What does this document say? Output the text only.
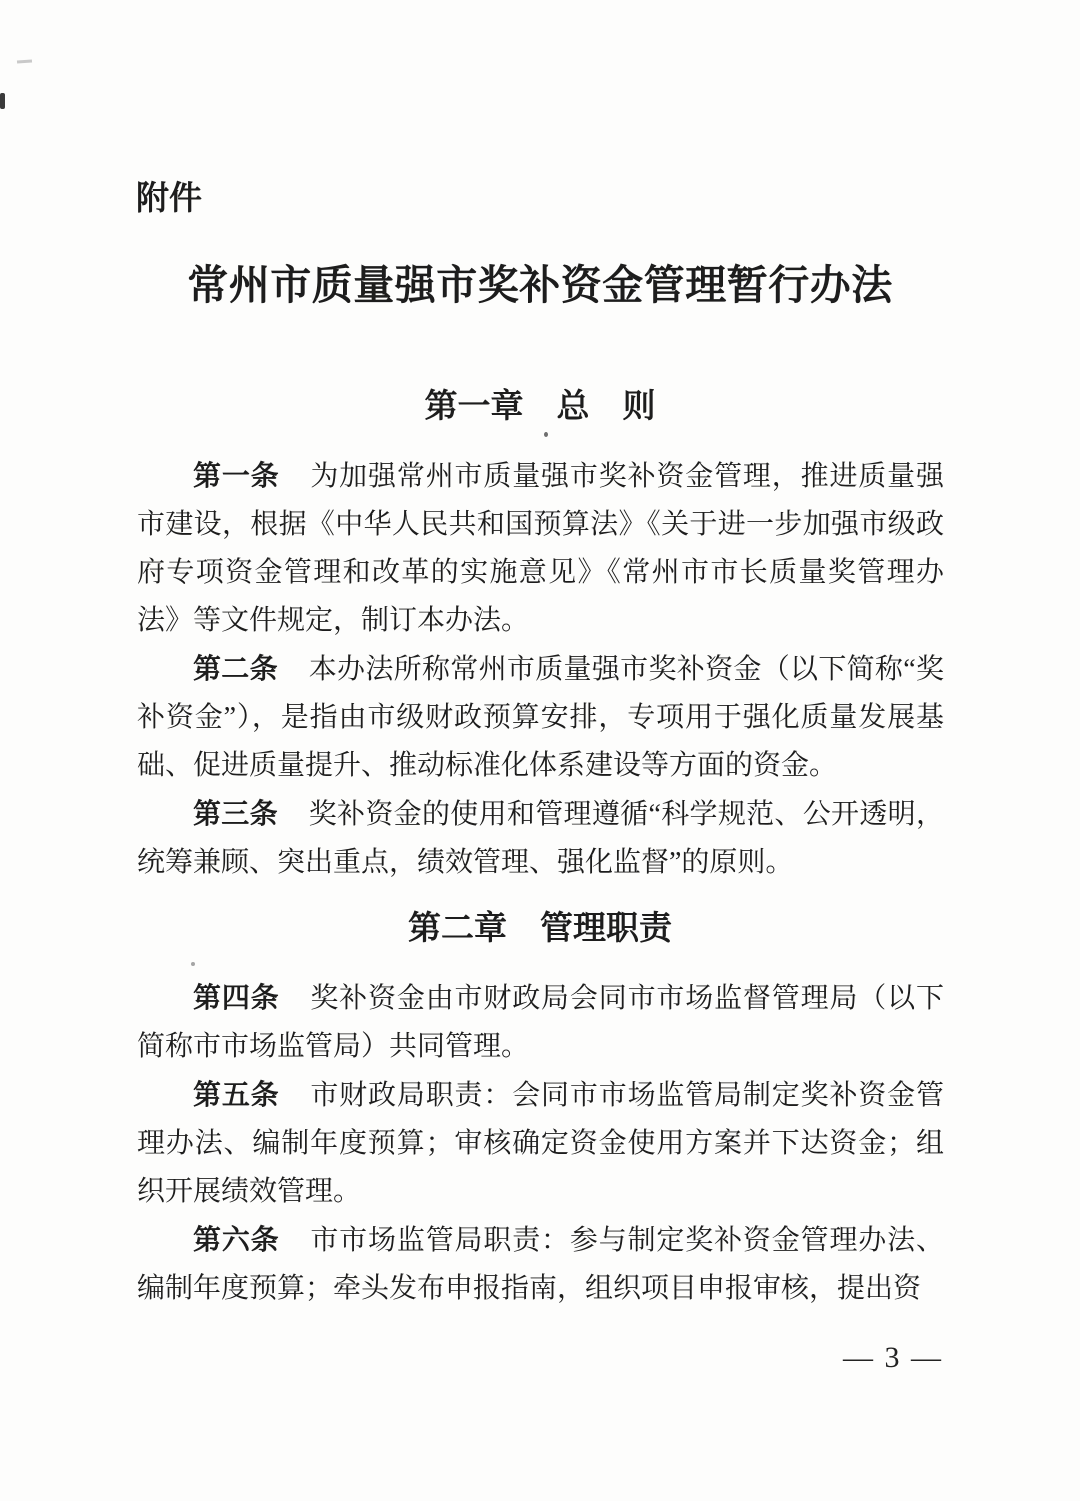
附件
常州市质量强市奖补资金管理暂行办法
第一章　总　则

第一条 为加强常州市质量强市奖补资金管理，推进质量强市建设，根据《中华人民共和国预算法》《关于进一步加强市级政府专项资金管理和改革的实施意见》《常州市市长质量奖管理办法》等文件规定，制订本办法。

第二条 本办法所称常州市质量强市奖补资金（以下简称“奖补资金”），是指由市级财政预算安排，专项用于强化质量发展基础、促进质量提升、推动标准化体系建设等方面的资金。

第三条 奖补资金的使用和管理遵循“科学规范、公开透明，统筹兼顾、突出重点，绩效管理、强化监督”的原则。

第二章　管理职责

第四条 奖补资金由市财政局会同市市场监督管理局（以下简称市市场监管局）共同管理。

第五条 市财政局职责：会同市市场监管局制定奖补资金管理办法、编制年度预算；审核确定资金使用方案并下达资金；组织开展绩效管理。

第六条 市市场监管局职责：参与制定奖补资金管理办法、编制年度预算；牵头发布申报指南，组织项目申报审核，提出资

— 3 —
